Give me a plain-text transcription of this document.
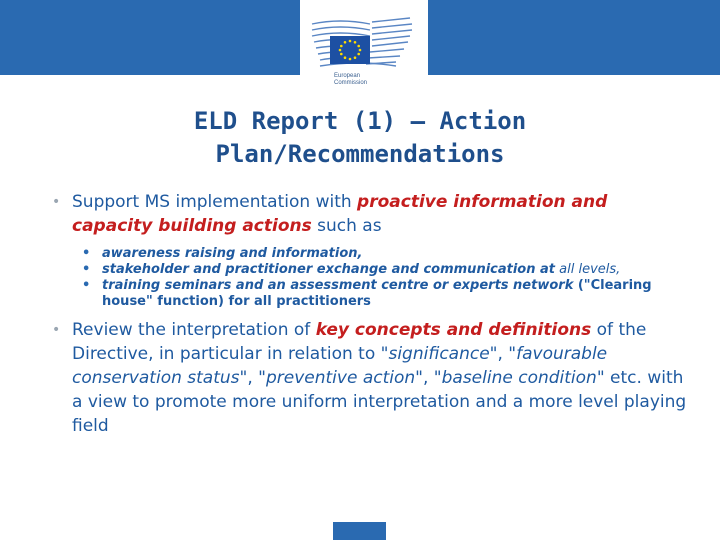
European
Commission
ELD Report (1) – Action
Plan/Recommendations
• Support MS implementation with proactive information and capacity building actions such as
• awareness raising and information,
• stakeholder and practitioner exchange and communication at all levels,
• training seminars and an assessment centre or experts network ("Clearing house" function) for all practitioners
• Review the interpretation of key concepts and definitions of the Directive, in particular in relation to "significance", "favourable conservation status", "preventive action", "baseline condition" etc. with a view to promote more uniform interpretation and a more level playing field
